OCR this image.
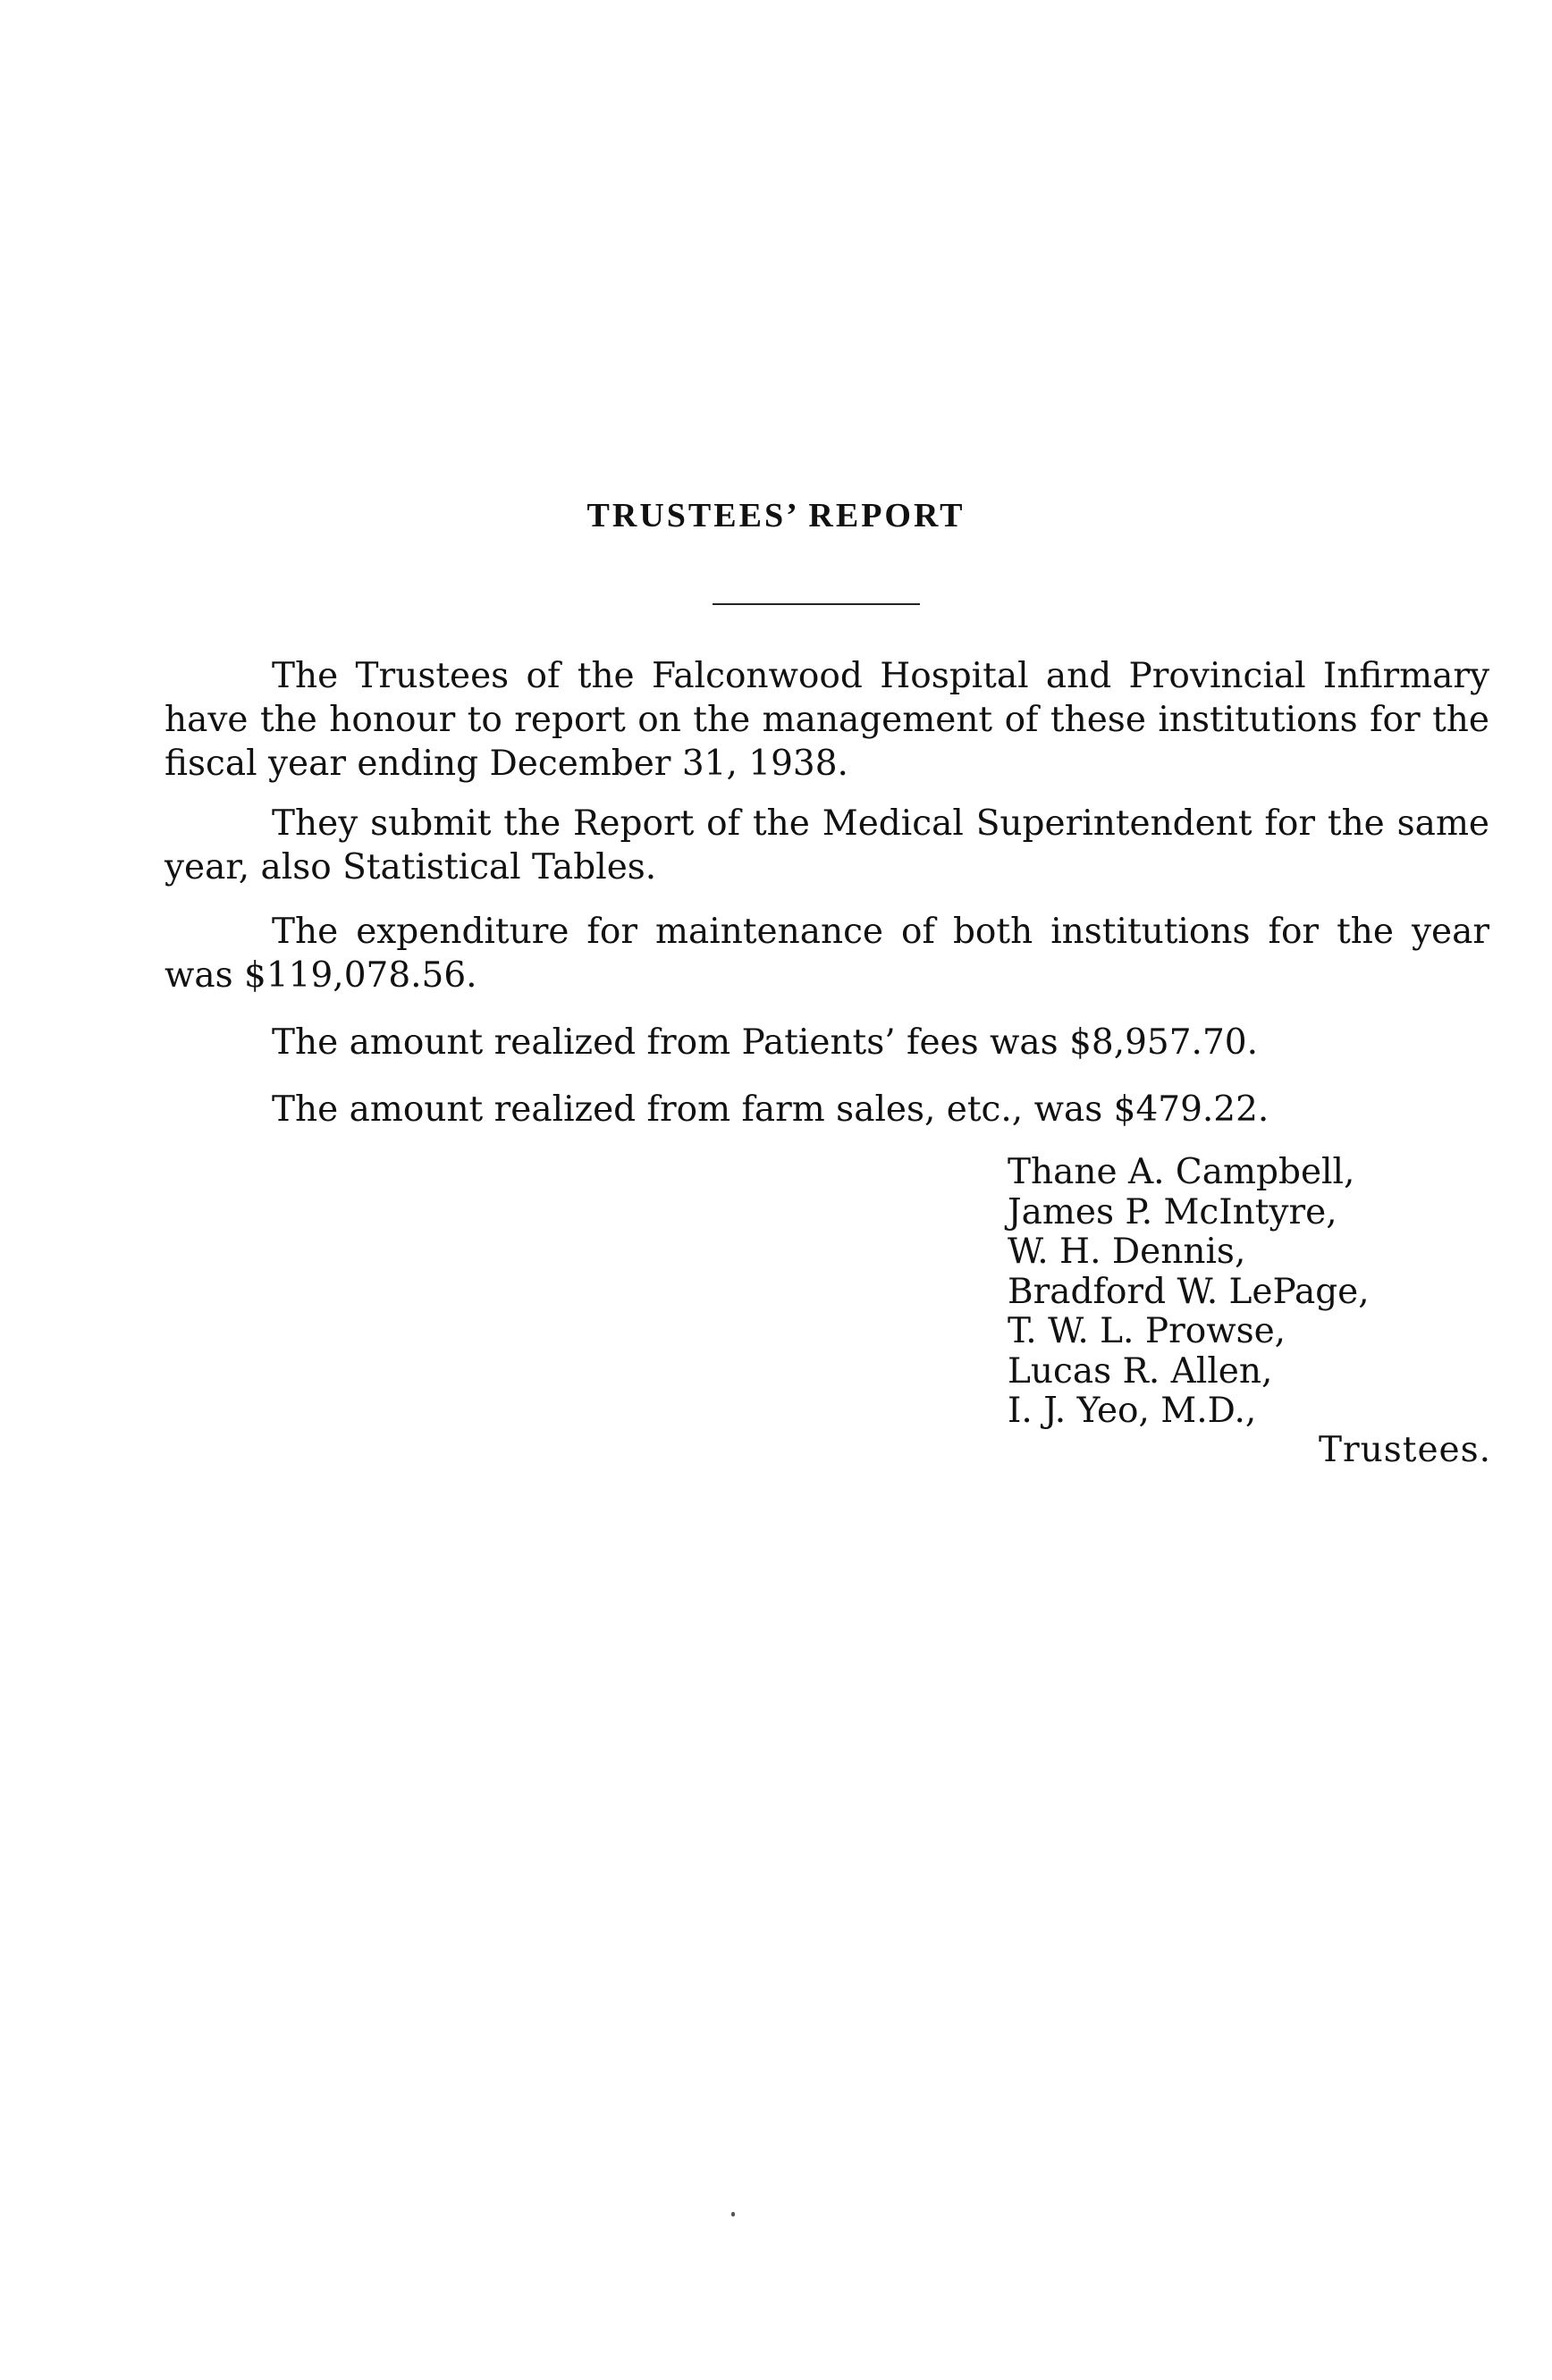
TRUSTEES’ REPORT

The Trustees of the Falconwood Hospital and Provincial Infirmary have the honour to report on the management of these institutions for the fiscal year ending December 31, 1938.

They submit the Report of the Medical Superintendent for the same year, also Statistical Tables.

The expenditure for maintenance of both institutions for the year was $119,078.56.

The amount realized from Patients’ fees was $8,957.70.

The amount realized from farm sales, etc., was $479.22.

Thane A. Campbell,
James P. McIntyre,
W. H. Dennis,
Bradford W. LePage,
T. W. L. Prowse,
Lucas R. Allen,
I. J. Yeo, M.D.,
Trustees.
